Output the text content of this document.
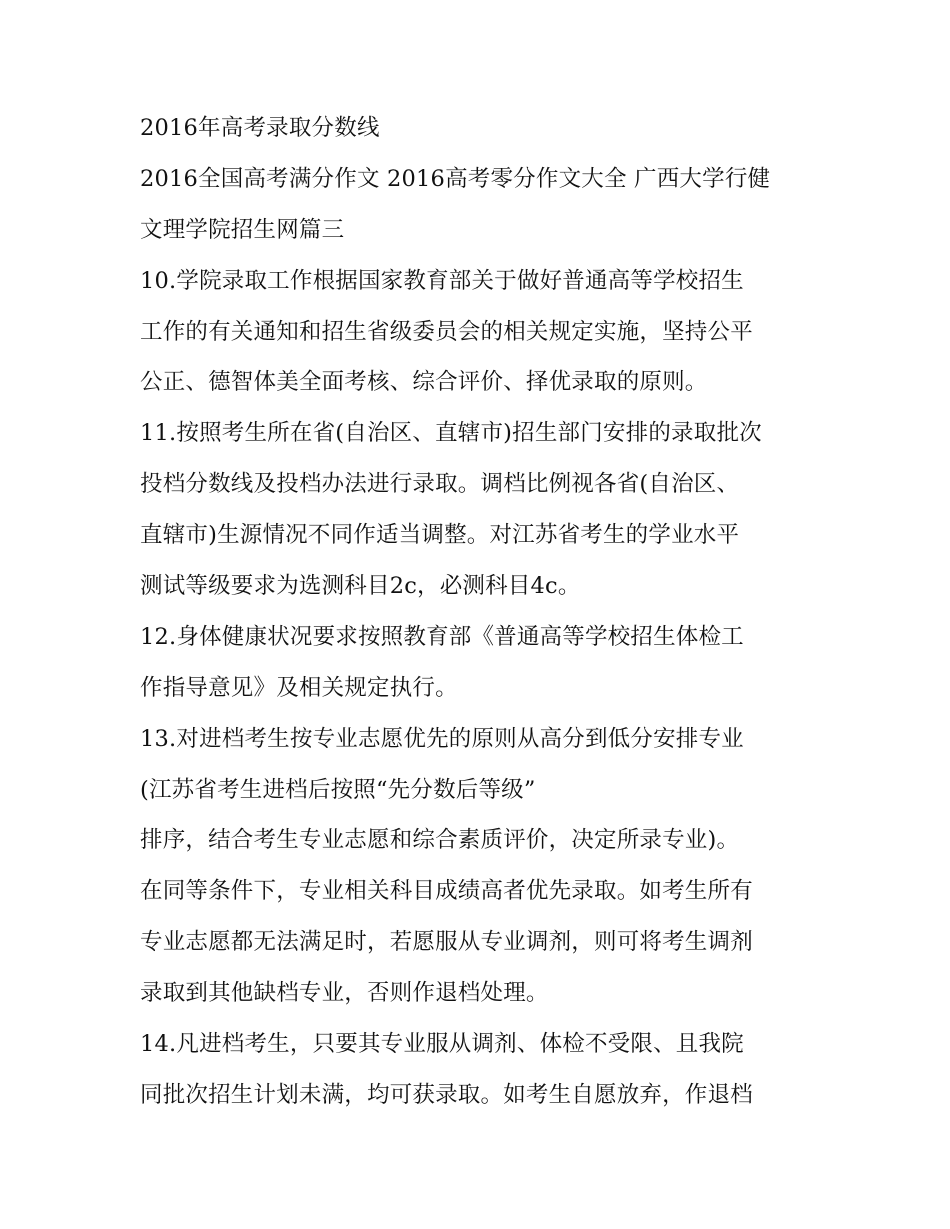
2016年高考录取分数线
2016全国高考满分作文 2016高考零分作文大全 广西大学行健
文理学院招生网篇三
10.学院录取工作根据国家教育部关于做好普通高等学校招生
工作的有关通知和招生省级委员会的相关规定实施，坚持公平
公正、德智体美全面考核、综合评价、择优录取的原则。
11.按照考生所在省(自治区、直辖市)招生部门安排的录取批次
投档分数线及投档办法进行录取。调档比例视各省(自治区、
直辖市)生源情况不同作适当调整。对江苏省考生的学业水平
测试等级要求为选测科目2c，必测科目4c。
12.身体健康状况要求按照教育部《普通高等学校招生体检工
作指导意见》及相关规定执行。
13.对进档考生按专业志愿优先的原则从高分到低分安排专业
(江苏省考生进档后按照“先分数后等级”
排序，结合考生专业志愿和综合素质评价，决定所录专业)。
在同等条件下，专业相关科目成绩高者优先录取。如考生所有
专业志愿都无法满足时，若愿服从专业调剂，则可将考生调剂
录取到其他缺档专业，否则作退档处理。
14.凡进档考生，只要其专业服从调剂、体检不受限、且我院
同批次招生计划未满，均可获录取。如考生自愿放弃，作退档
